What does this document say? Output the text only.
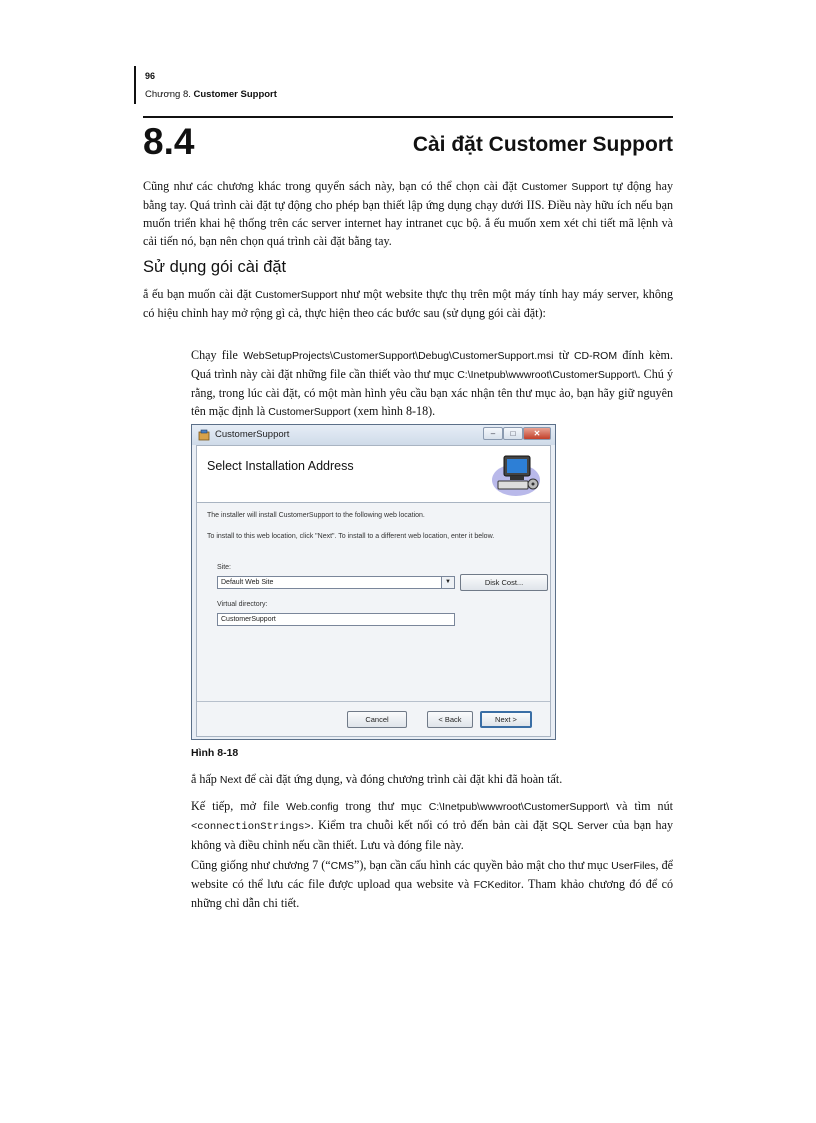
96
Chương 8. Customer Support
8.4	Cài đặt Customer Support
Cũng như các chương khác trong quyển sách này, bạn có thể chọn cài đặt Customer Support tự động hay bằng tay. Quá trình cài đặt tự động cho phép bạn thiết lập ứng dụng chạy dưới IIS. Điều này hữu ích nếu bạn muốn triển khai hệ thống trên các server internet hay intranet cục bộ. ắ ếu muốn xem xét chi tiết mã lệnh và cải tiến nó, bạn nên chọn quá trình cài đặt bằng tay.
Sử dụng gói cài đặt
ắ ếu bạn muốn cài đặt CustomerSupport như một website thực thụ trên một máy tính hay máy server, không có hiệu chỉnh hay mở rộng gì cả, thực hiện theo các bước sau (sử dụng gói cài đặt):
Chạy file WebSetupProjects\CustomerSupport\Debug\CustomerSupport.msi từ CD-ROM đính kèm. Quá trình này cài đặt những file cần thiết vào thư mục C:\Inetpub\wwwroot\CustomerSupport\. Chú ý rằng, trong lúc cài đặt, có một màn hình yêu cầu bạn xác nhận tên thư mục ảo, bạn hãy giữ nguyên tên mặc định là CustomerSupport (xem hình 8-18).
CustomerSupport	–	□	✕
Select Installation Address
The installer will install CustomerSupport to the following web location.
To install to this web location, click "Next". To install to a different web location, enter it below.
Site:
Default Web Site	▼	Disk Cost...
Virtual directory:
CustomerSupport
Cancel	< Back	Next >
Hình 8-18
ắ hấp Next để cài đặt ứng dụng, và đóng chương trình cài đặt khi đã hoàn tất.
Kế tiếp, mở file Web.config trong thư mục C:\Inetpub\wwwroot\CustomerSupport\ và tìm nút <connectionStrings>. Kiểm tra chuỗi kết nối có trỏ đến bản cài đặt SQL Server của bạn hay không và điều chỉnh nếu cần thiết. Lưu và đóng file này.
Cũng giống như chương 7 (“CMS”), bạn cần cấu hình các quyền bảo mật cho thư mục UserFiles, để website có thể lưu các file được upload qua website và FCKeditor. Tham khảo chương đó để có những chỉ dẫn chi tiết.
